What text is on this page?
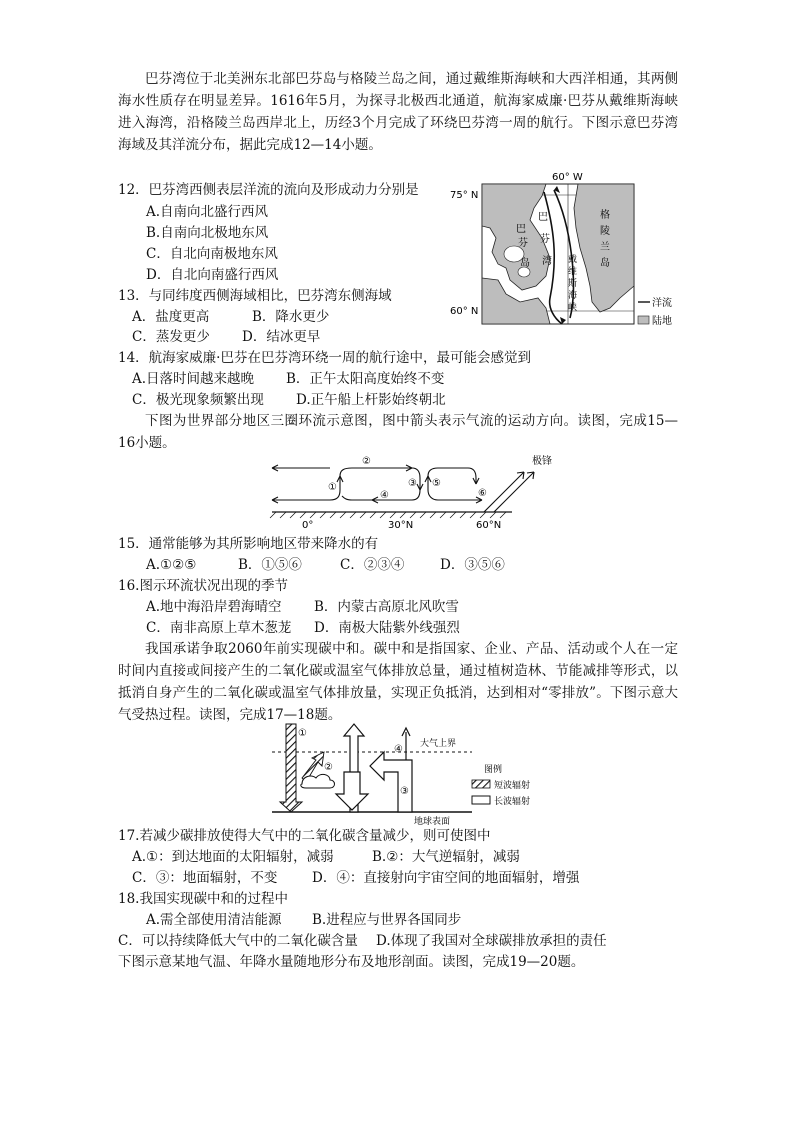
巴芬湾位于北美洲东北部巴芬岛与格陵兰岛之间，通过戴维斯海峡和大西洋相通，其两侧海水性质存在明显差异。1616年5月，为探寻北极西北通道，航海家威廉·巴芬从戴维斯海峡进入海湾，沿格陵兰岛西岸北上，历经3个月完成了环绕巴芬湾一周的航行。下图示意巴芬湾海域及其洋流分布，据此完成12—14小题。
12．巴芬湾西侧表层洋流的流向及形成动力分别是
A.自南向北盛行西风
B.自南向北极地东风
C．自北向南极地东风
D．自北向南盛行西风
13．与同纬度西侧海域相比，巴芬湾东侧海域
A．盐度更高	B．降水更少
C．蒸发更少 D．结冰更早
60° W
75° N
60° N
巴
芬
湾
巴
芬
岛
格
陵
兰
岛
戴
维
斯
海
峡	洋流
陆地
14．航海家威廉·巴芬在巴芬湾环绕一周的航行途中，最可能会感觉到
A.日落时间越来越晚 B．正午太阳高度始终不变
C．极光现象频繁出现 D.正午船上杆影始终朝北
下图为世界部分地区三圈环流示意图，图中箭头表示气流的运动方向。读图，完成15—16小题。
极锋
①
②
③
④
⑤
⑥
0°	30°N	60°N
15．通常能够为其所影响地区带来降水的有
A.①②⑤	B．①⑤⑥	C．②③④	D．③⑤⑥
16.图示环流状况出现的季节
A.地中海沿岸碧海晴空 B．内蒙古高原北风吹雪
C．南非高原上草木葱茏 D．南极大陆紫外线强烈
我国承诺争取2060年前实现碳中和。碳中和是指国家、企业、产品、活动或个人在一定时间内直接或间接产生的二氧化碳或温室气体排放总量，通过植树造林、节能减排等形式，以抵消自身产生的二氧化碳或温室气体排放量，实现正负抵消，达到相对“零排放”。下图示意大气受热过程。读图，完成17—18题。
大气上界
地球表面
①
②
③
④
图例
短波辐射
长波辐射
17.若减少碳排放使得大气中的二氧化碳含量减少，则可使图中
A.①：到达地面的太阳辐射，减弱	B.②：大气逆辐射，减弱
C．③：地面辐射，不变	D．④：直接射向宇宙空间的地面辐射，增强
18.我国实现碳中和的过程中
A.需全部使用清洁能源 B.进程应与世界各国同步
C．可以持续降低大气中的二氧化碳含量 D.体现了我国对全球碳排放承担的责任
下图示意某地气温、年降水量随地形分布及地形剖面。读图，完成19—20题。
